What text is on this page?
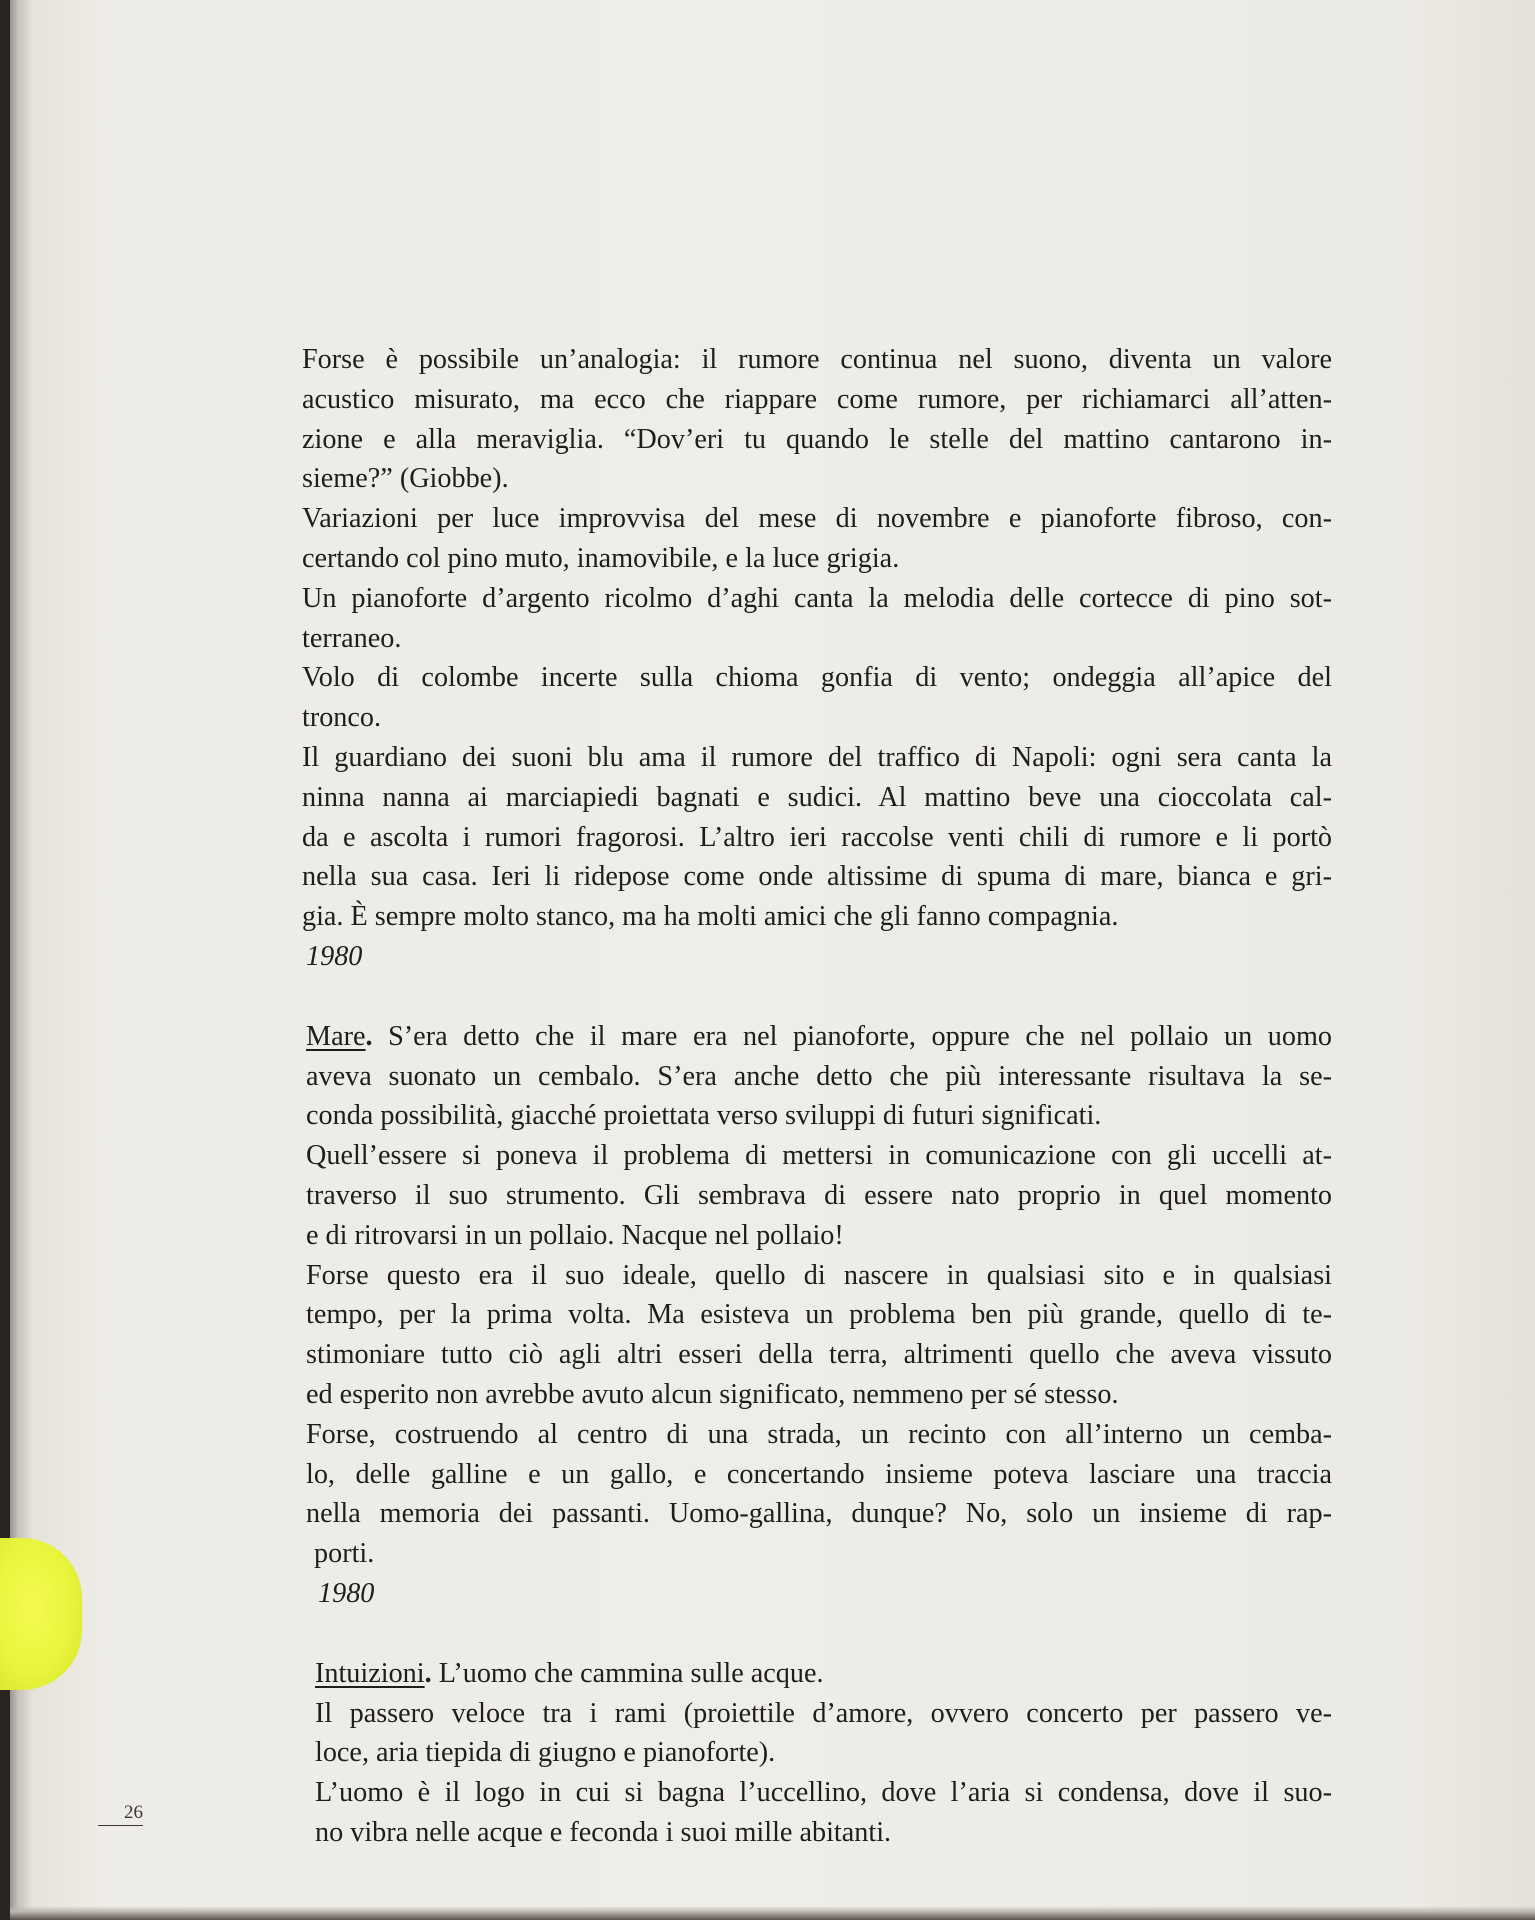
Forse è possibile un’analogia: il rumore continua nel suono, diventa un valore
acustico misurato, ma ecco che riappare come rumore, per richiamarci all’atten-
zione e alla meraviglia. “Dov’eri tu quando le stelle del mattino cantarono in-
sieme?” (Giobbe).
Variazioni per luce improvvisa del mese di novembre e pianoforte fibroso, con-
certando col pino muto, inamovibile, e la luce grigia.
Un pianoforte d’argento ricolmo d’aghi canta la melodia delle cortecce di pino sot-
terraneo.
Volo di colombe incerte sulla chioma gonfia di vento; ondeggia all’apice del
tronco.
Il guardiano dei suoni blu ama il rumore del traffico di Napoli: ogni sera canta la
ninna nanna ai marciapiedi bagnati e sudici. Al mattino beve una cioccolata cal-
da e ascolta i rumori fragorosi. L’altro ieri raccolse venti chili di rumore e li portò
nella sua casa. Ieri li ridepose come onde altissime di spuma di mare, bianca e gri-
gia. È sempre molto stanco, ma ha molti amici che gli fanno compagnia.
1980
Mare. S’era detto che il mare era nel pianoforte, oppure che nel pollaio un uomo
aveva suonato un cembalo. S’era anche detto che più interessante risultava la se-
conda possibilità, giacché proiettata verso sviluppi di futuri significati.
Quell’essere si poneva il problema di mettersi in comunicazione con gli uccelli at-
traverso il suo strumento. Gli sembrava di essere nato proprio in quel momento
e di ritrovarsi in un pollaio. Nacque nel pollaio!
Forse questo era il suo ideale, quello di nascere in qualsiasi sito e in qualsiasi
tempo, per la prima volta. Ma esisteva un problema ben più grande, quello di te-
stimoniare tutto ciò agli altri esseri della terra, altrimenti quello che aveva vissuto
ed esperito non avrebbe avuto alcun significato, nemmeno per sé stesso.
Forse, costruendo al centro di una strada, un recinto con all’interno un cemba-
lo, delle galline e un gallo, e concertando insieme poteva lasciare una traccia
nella memoria dei passanti. Uomo-gallina, dunque? No, solo un insieme di rap-
porti.
1980
Intuizioni. L’uomo che cammina sulle acque.
Il passero veloce tra i rami (proiettile d’amore, ovvero concerto per passero ve-
loce, aria tiepida di giugno e pianoforte).
L’uomo è il logo in cui si bagna l’uccellino, dove l’aria si condensa, dove il suo-
no vibra nelle acque e feconda i suoi mille abitanti.
26
